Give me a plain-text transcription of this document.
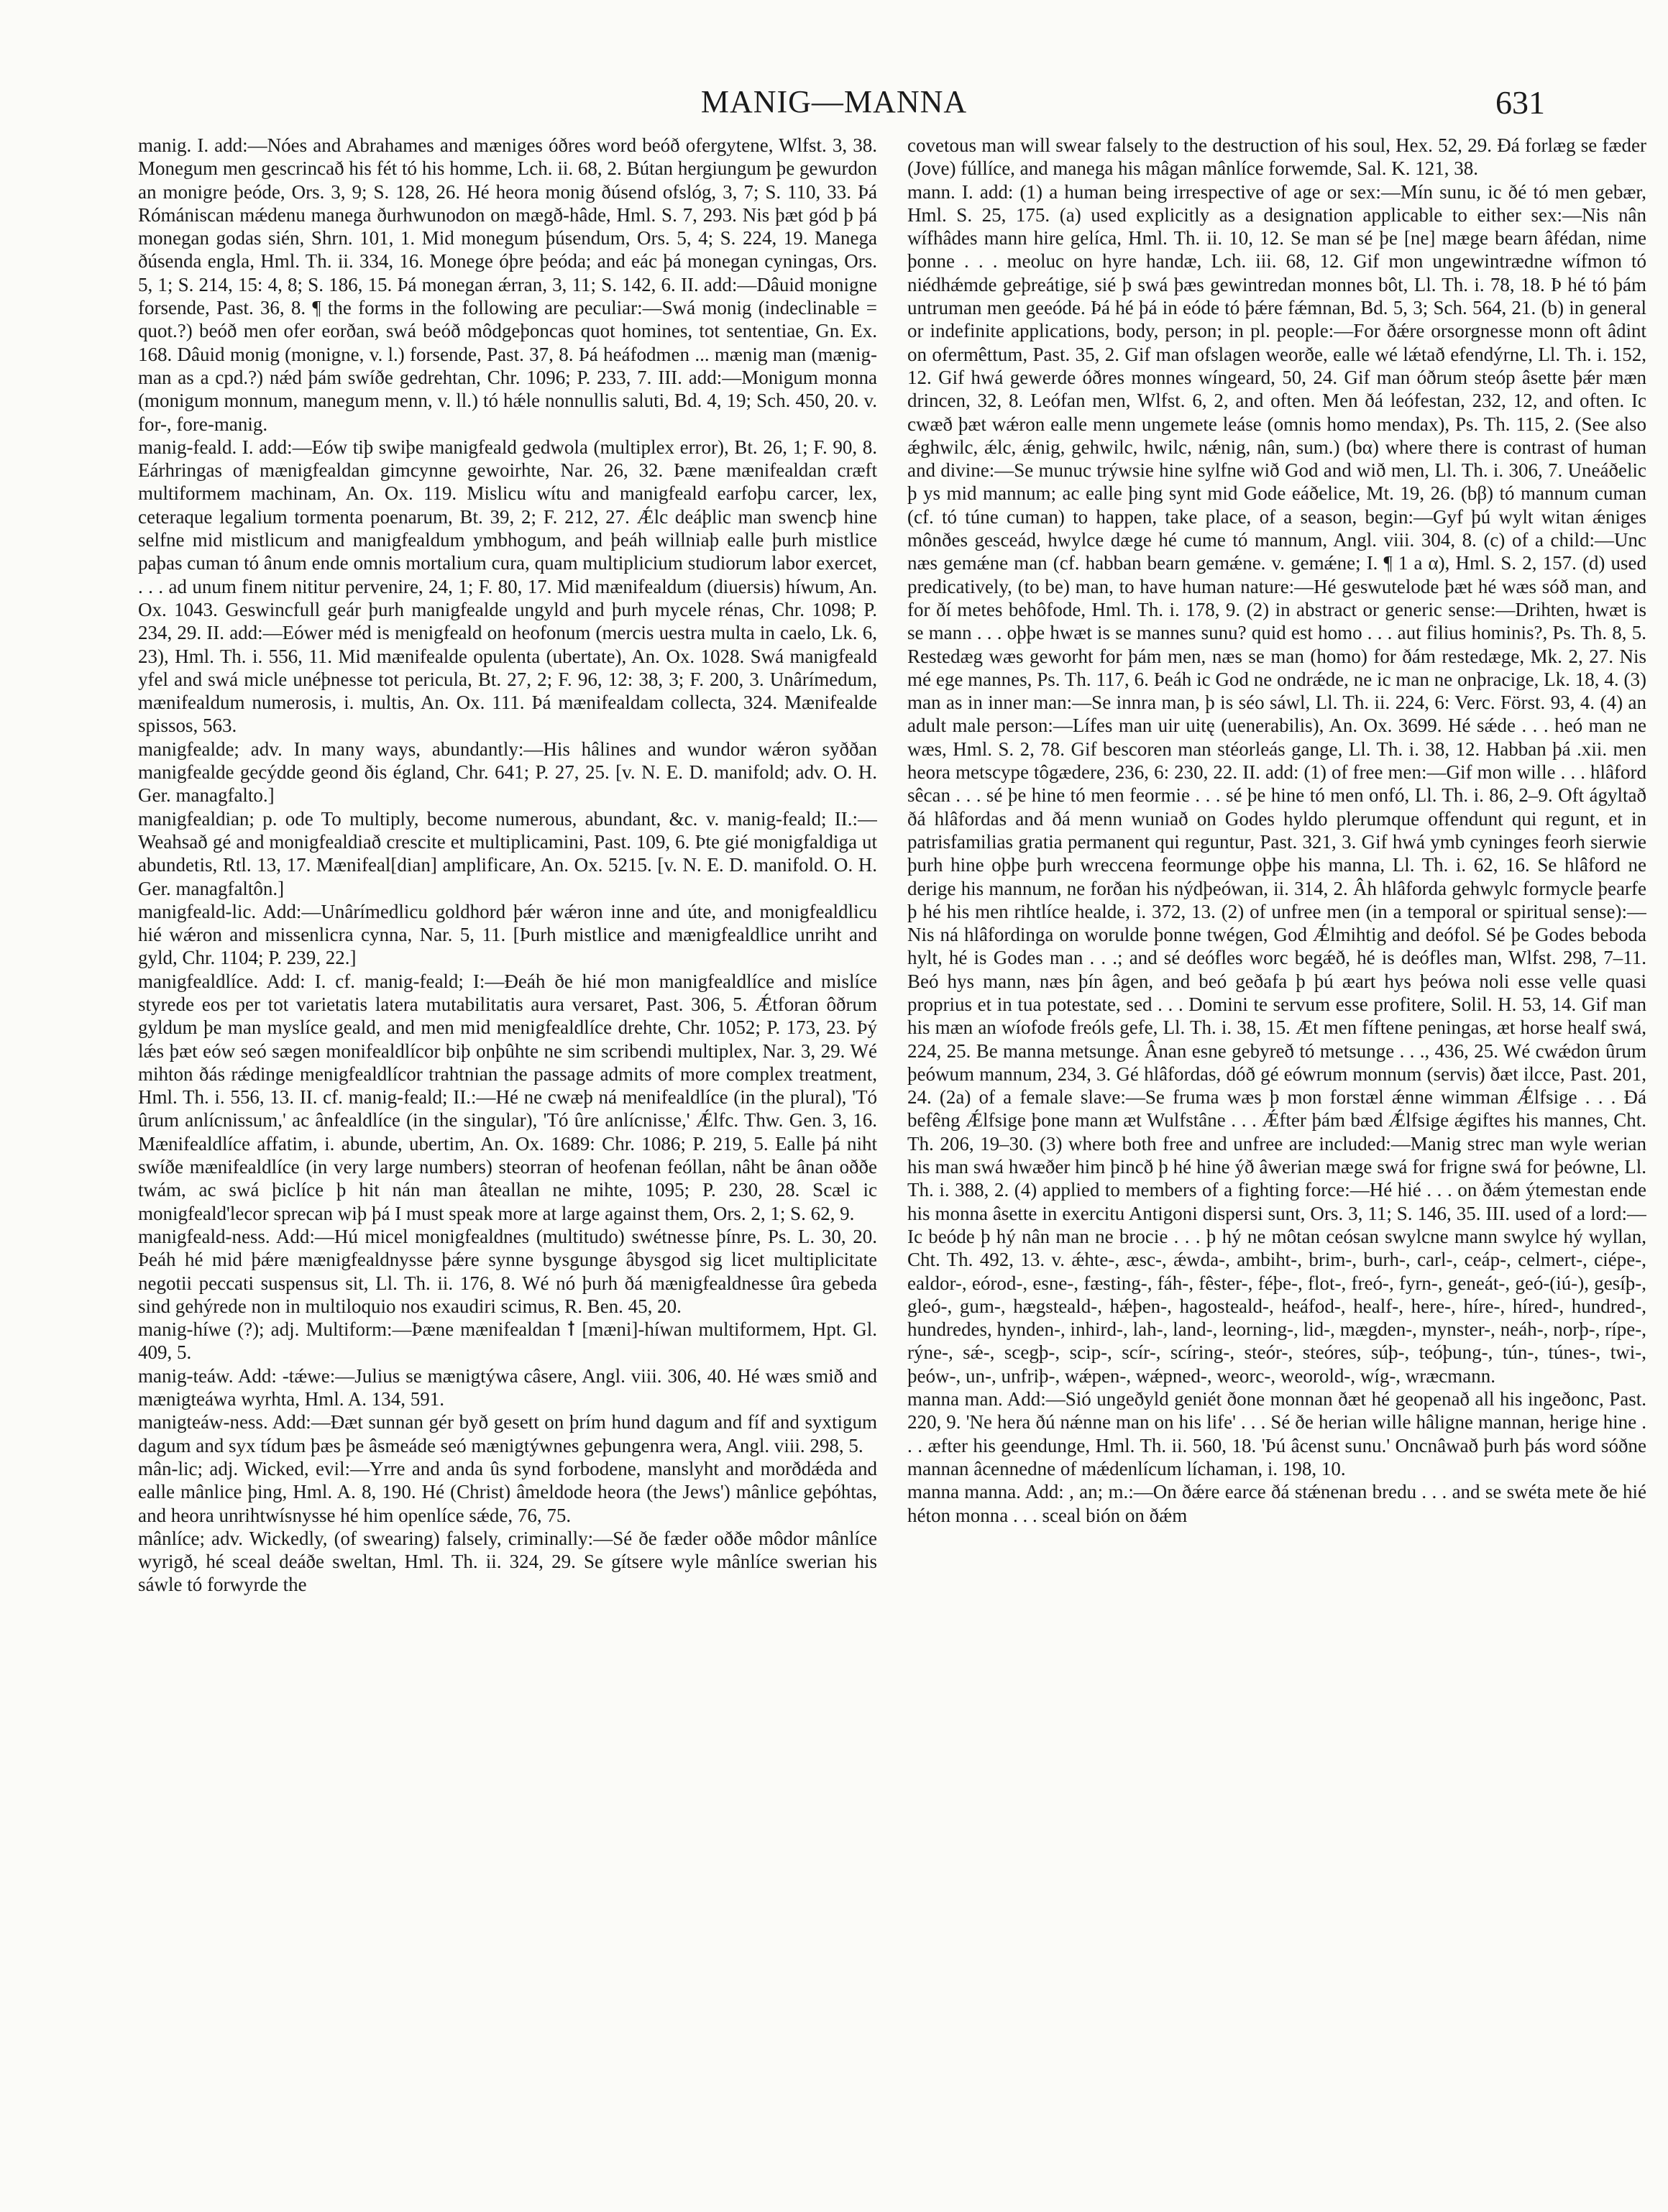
MANIG—MANNA	631

manig. I. add:—Nóes and Abrahames and mæniges óðres word beóð ofergytene, Wlfst. 3, 38. Monegum men gescrincað his fét tó his homme, Lch. ii. 68, 2. Bútan hergiungum þe gewurdon an monigre þeóde, Ors. 3, 9; S. 128, 26. Hé heora monig ðúsend ofslóg, 3, 7; S. 110, 33. Þá Rómániscan mǽdenu manega ðurhwunodon on mægð-hâde, Hml. S. 7, 293. Nis þæt gód þ þá monegan godas sién, Shrn. 101, 1. Mid monegum þúsendum, Ors. 5, 4; S. 224, 19. Manega ðúsenda engla, Hml. Th. ii. 334, 16. Monege óþre þeóda; and eác þá monegan cyningas, Ors. 5, 1; S. 214, 15: 4, 8; S. 186, 15. Þá monegan ǽrran, 3, 11; S. 142, 6. II. add:—Dâuid monigne forsende, Past. 36, 8. ¶ the forms in the following are peculiar:—Swá monig (indeclinable = quot.?) beóð men ofer eorðan, swá beóð môdgeþoncas quot homines, tot sententiae, Gn. Ex. 168. Dâuid monig (monigne, v. l.) forsende, Past. 37, 8. Þá heáfodmen ... mænig man (mænig-man as a cpd.?) nǽd þám swíðe gedrehtan, Chr. 1096; P. 233, 7. III. add:—Monigum monna (monigum monnum, manegum menn, v. ll.) tó hǽle nonnullis saluti, Bd. 4, 19; Sch. 450, 20. v. for-, fore-manig.

manig-feald. I. add:—Eów tiþ swiþe manigfeald gedwola (multiplex error), Bt. 26, 1; F. 90, 8. Eárhringas of mænigfealdan gimcynne gewoirhte, Nar. 26, 32. Þæne mænifealdan cræft multiformem machinam, An. Ox. 119. Mislicu wítu and manigfeald earfoþu carcer, lex, ceteraque legalium tormenta poenarum, Bt. 39, 2; F. 212, 27. Ǽlc deáþlic man swencþ hine selfne mid mistlicum and manigfealdum ymbhogum, and þeáh willniaþ ealle þurh mistlice paþas cuman tó ânum ende omnis mortalium cura, quam multiplicium studiorum labor exercet, . . . ad unum finem nititur pervenire, 24, 1; F. 80, 17. Mid mænifealdum (diuersis) híwum, An. Ox. 1043. Geswincfull geár þurh manigfealde ungyld and þurh mycele rénas, Chr. 1098; P. 234, 29. II. add:—Eówer méd is menigfeald on heofonum (mercis uestra multa in caelo, Lk. 6, 23), Hml. Th. i. 556, 11. Mid mænifealde opulenta (ubertate), An. Ox. 1028. Swá manigfeald yfel and swá micle unéþnesse tot pericula, Bt. 27, 2; F. 96, 12: 38, 3; F. 200, 3. Unârímedum, mænifealdum numerosis, i. multis, An. Ox. 111. Þá mænifealdam collecta, 324. Mænifealde spissos, 563.

manigfealde; adv. In many ways, abundantly:—His hâlines and wundor wǽron syððan manigfealde gecýdde geond ðis égland, Chr. 641; P. 27, 25. [v. N. E. D. manifold; adv. O. H. Ger. managfalto.]

manigfealdian; p. ode To multiply, become numerous, abundant, &c. v. manig-feald; II.:—Weahsað gé and monigfealdiað crescite et multiplicamini, Past. 109, 6. Þte gié monigfaldiga ut abundetis, Rtl. 13, 17. Mænifeal[dian] amplificare, An. Ox. 5215. [v. N. E. D. manifold. O. H. Ger. managfaltôn.]

manigfeald-lic. Add:—Unârímedlicu goldhord þǽr wǽron inne and úte, and monigfealdlicu hié wǽron and missenlicra cynna, Nar. 5, 11. [Þurh mistlice and mænigfealdlice unriht and gyld, Chr. 1104; P. 239, 22.]

manigfealdlíce. Add: I. cf. manig-feald; I:—Ðeáh ðe hié mon manigfealdlíce and mislíce styrede eos per tot varietatis latera mutabilitatis aura versaret, Past. 306, 5. Ǽtforan ôðrum gyldum þe man myslíce geald, and men mid menigfealdlíce drehte, Chr. 1052; P. 173, 23. Þý lǽs þæt eów seó sægen monifealdlícor biþ onþûhte ne sim scribendi multiplex, Nar. 3, 29. Wé mihton ðás rǽdinge menigfealdlícor trahtnian the passage admits of more complex treatment, Hml. Th. i. 556, 13. II. cf. manig-feald; II.:—Hé ne cwæþ ná menifealdlíce (in the plural), 'Tó ûrum anlícnissum,' ac ânfealdlíce (in the singular), 'Tó ûre anlícnisse,' Ǽlfc. Thw. Gen. 3, 16. Mænifealdlíce affatim, i. abunde, ubertim, An. Ox. 1689: Chr. 1086; P. 219, 5. Ealle þá niht swíðe mænifealdlíce (in very large numbers) steorran of heofenan feóllan, nâht be ânan oððe twám, ac swá þiclíce þ hit nán man âteallan ne mihte, 1095; P. 230, 28. Scæl ic monigfeald'lecor sprecan wiþ þá I must speak more at large against them, Ors. 2, 1; S. 62, 9.

manigfeald-ness. Add:—Hú micel monigfealdnes (multitudo) swétnesse þínre, Ps. L. 30, 20. Þeáh hé mid þǽre mænigfealdnysse þǽre synne bysgunge âbysgod sig licet multiplicitate negotii peccati suspensus sit, Ll. Th. ii. 176, 8. Wé nó þurh ðá mænigfealdnesse ûra gebeda sind gehýrede non in multiloquio nos exaudiri scimus, R. Ben. 45, 20.

manig-híwe (?); adj. Multiform:—Þæne mænifealdan ꝉ [mæni]-híwan multiformem, Hpt. Gl. 409, 5.

manig-teáw. Add: -tǽwe:—Julius se mænigtýwa câsere, Angl. viii. 306, 40. Hé wæs smið and mænigteáwa wyrhta, Hml. A. 134, 591.

manigteáw-ness. Add:—Ðæt sunnan gér byð gesett on þrím hund dagum and fíf and syxtigum dagum and syx tídum þæs þe âsmeáde seó mænigtýwnes geþungenra wera, Angl. viii. 298, 5.

mân-lic; adj. Wicked, evil:—Yrre and anda ûs synd forbodene, manslyht and morðdǽda and ealle mânlice þing, Hml. A. 8, 190. Hé (Christ) âmeldode heora (the Jews') mânlice geþóhtas, and heora unrihtwísnysse hé him openlíce sǽde, 76, 75.

mânlíce; adv. Wickedly, (of swearing) falsely, criminally:—Sé ðe fæder oððe môdor mânlíce wyrigð, hé sceal deáðe sweltan, Hml. Th. ii. 324, 29. Se gítsere wyle mânlíce swerian his sáwle tó forwyrde the

covetous man will swear falsely to the destruction of his soul, Hex. 52, 29. Ðá forlæg se fæder (Jove) fúllíce, and manega his mâgan mânlíce forwemde, Sal. K. 121, 38.

mann. I. add: (1) a human being irrespective of age or sex:—Mín sunu, ic ðé tó men gebær, Hml. S. 25, 175. (a) used explicitly as a designation applicable to either sex:—Nis nân wífhâdes mann hire gelíca, Hml. Th. ii. 10, 12. Se man sé þe [ne] mæge bearn âfédan, nime þonne . . . meoluc on hyre handæ, Lch. iii. 68, 12. Gif mon ungewintrædne wífmon tó niédhǽmde geþreátige, sié þ swá þæs gewintredan monnes bôt, Ll. Th. i. 78, 18. Þ hé tó þám untruman men geeóde. Þá hé þá in eóde tó þǽre fǽmnan, Bd. 5, 3; Sch. 564, 21. (b) in general or indefinite applications, body, person; in pl. people:—For ðǽre orsorgnesse monn oft âdint on ofermêttum, Past. 35, 2. Gif man ofslagen weorðe, ealle wé lǽtað efendýrne, Ll. Th. i. 152, 12. Gif hwá gewerde óðres monnes wíngeard, 50, 24. Gif man óðrum steóp âsette þǽr mæn drincen, 32, 8. Leófan men, Wlfst. 6, 2, and often. Men ðá leófestan, 232, 12, and often. Ic cwæð þæt wǽron ealle menn ungemete leáse (omnis homo mendax), Ps. Th. 115, 2. (See also ǽghwilc, ǽlc, ǽnig, gehwilc, hwilc, nǽnig, nân, sum.) (bα) where there is contrast of human and divine:—Se munuc trýwsie hine sylfne wið God and wið men, Ll. Th. i. 306, 7. Uneáðelic þ ys mid mannum; ac ealle þing synt mid Gode eáðelice, Mt. 19, 26. (bβ) tó mannum cuman (cf. tó túne cuman) to happen, take place, of a season, begin:—Gyf þú wylt witan ǽniges mônðes gesceád, hwylce dæge hé cume tó mannum, Angl. viii. 304, 8. (c) of a child:—Unc næs gemǽne man (cf. habban bearn gemǽne. v. gemǽne; I. ¶ 1 a α), Hml. S. 2, 157. (d) used predicatively, (to be) man, to have human nature:—Hé geswutelode þæt hé wæs sóð man, and for ðí metes behôfode, Hml. Th. i. 178, 9. (2) in abstract or generic sense:—Drihten, hwæt is se mann . . . oþþe hwæt is se mannes sunu? quid est homo . . . aut filius hominis?, Ps. Th. 8, 5. Restedæg wæs geworht for þám men, næs se man (homo) for ðám restedæge, Mk. 2, 27. Nis mé ege mannes, Ps. Th. 117, 6. Þeáh ic God ne ondrǽde, ne ic man ne onþracige, Lk. 18, 4. (3) man as in inner man:—Se innra man, þ is séo sáwl, Ll. Th. ii. 224, 6: Verc. Först. 93, 4. (4) an adult male person:—Lífes man uir uitę (uenerabilis), An. Ox. 3699. Hé sǽde . . . heó man ne wæs, Hml. S. 2, 78. Gif bescoren man stéorleás gange, Ll. Th. i. 38, 12. Habban þá .xii. men heora metscype tôgædere, 236, 6: 230, 22. II. add: (1) of free men:—Gif mon wille . . . hlâford sêcan . . . sé þe hine tó men feormie . . . sé þe hine tó men onfó, Ll. Th. i. 86, 2–9. Oft ágyltað ðá hlâfordas and ðá menn wuniað on Godes hyldo plerumque offendunt qui regunt, et in patrisfamilias gratia permanent qui reguntur, Past. 321, 3. Gif hwá ymb cyninges feorh sierwie þurh hine oþþe þurh wreccena feormunge oþþe his manna, Ll. Th. i. 62, 16. Se hlâford ne derige his mannum, ne forðan his nýdþeówan, ii. 314, 2. Âh hlâforda gehwylc formycle þearfe þ hé his men rihtlíce healde, i. 372, 13. (2) of unfree men (in a temporal or spiritual sense):—Nis ná hlâfordinga on worulde þonne twégen, God Ǽlmihtig and deófol. Sé þe Godes beboda hylt, hé is Godes man . . .; and sé deófles worc begǽð, hé is deófles man, Wlfst. 298, 7–11. Beó hys mann, næs þín âgen, and beó geðafa þ þú æart hys þeówa noli esse velle quasi proprius et in tua potestate, sed . . . Domini te servum esse profitere, Solil. H. 53, 14. Gif man his mæn an wíofode freóls gefe, Ll. Th. i. 38, 15. Æt men fíftene peningas, æt horse healf swá, 224, 25. Be manna metsunge. Ânan esne gebyreð tó metsunge . . ., 436, 25. Wé cwǽdon ûrum þeówum mannum, 234, 3. Gé hlâfordas, dóð gé eówrum monnum (servis) ðæt ilcce, Past. 201, 24. (2a) of a female slave:—Se fruma wæs þ mon forstæl ǽnne wimman Ǽlfsige . . . Ðá befêng Ǽlfsige þone mann æt Wulfstâne . . . Ǽfter þám bæd Ǽlfsige ǽgiftes his mannes, Cht. Th. 206, 19–30. (3) where both free and unfree are included:—Manig strec man wyle werian his man swá hwæðer him þincð þ hé hine ýð âwerian mæge swá for frigne swá for þeówne, Ll. Th. i. 388, 2. (4) applied to members of a fighting force:—Hé hié . . . on ðǽm ýtemestan ende his monna âsette in exercitu Antigoni dispersi sunt, Ors. 3, 11; S. 146, 35. III. used of a lord:—Ic beóde þ hý nân man ne brocie . . . þ hý ne môtan ceósan swylcne mann swylce hý wyllan, Cht. Th. 492, 13. v. ǽhte-, æsc-, ǽwda-, ambiht-, brim-, burh-, carl-, ceáp-, celmert-, ciépe-, ealdor-, eórod-, esne-, fæsting-, fáh-, fêster-, féþe-, flot-, freó-, fyrn-, geneát-, geó-(iú-), gesíþ-, gleó-, gum-, hægsteald-, hǽþen-, hagosteald-, heáfod-, healf-, here-, híre-, híred-, hundred-, hundredes, hynden-, inhird-, lah-, land-, leorning-, lid-, mægden-, mynster-, neáh-, norþ-, rípe-, rýne-, sǽ-, scegþ-, scip-, scír-, scíring-, steór-, steóres, súþ-, teóþung-, tún-, túnes-, twi-, þeów-, un-, unfriþ-, wǽpen-, wǽpned-, weorc-, weorold-, wíg-, wræcmann.

manna man. Add:—Sió ungeðyld geniét ðone monnan ðæt hé geopenað all his ingeðonc, Past. 220, 9. 'Ne hera ðú nǽnne man on his life' . . . Sé ðe herian wille hâligne mannan, herige hine . . . æfter his geendunge, Hml. Th. ii. 560, 18. 'Þú âcenst sunu.' Oncnâwað þurh þás word sóðne mannan âcennedne of mǽdenlícum líchaman, i. 198, 10.

manna manna. Add: , an; m.:—On ðǽre earce ðá stǽnenan bredu . . . and se swéta mete ðe hié héton monna . . . sceal bión on ðǽm
